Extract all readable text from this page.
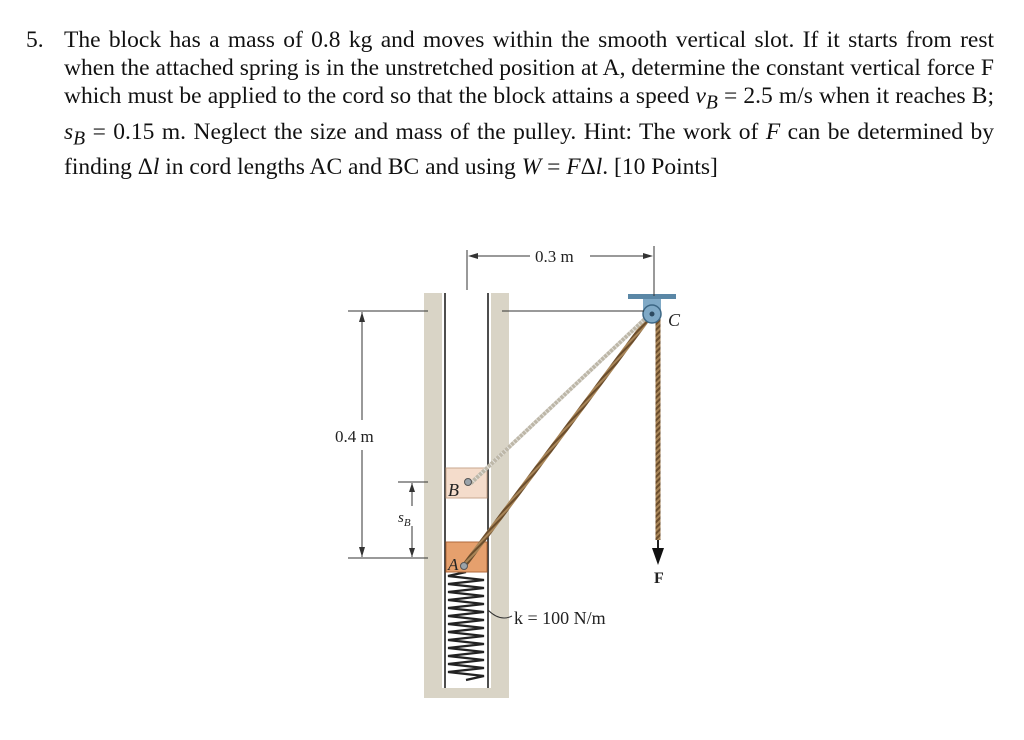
5. The block has a mass of 0.8 kg and moves within the smooth vertical slot. If it starts from rest when the attached spring is in the unstretched position at A, determine the constant vertical force F which must be applied to the cord so that the block attains a speed $v_B = 2.5$ m/s when it reaches B; $s_B = 0.15$ m. Neglect the size and mass of the pulley. Hint: The work of F can be determined by finding Δl in cord lengths AC and BC and using W = FΔl. [10 Points]
B
A
C
F
0.3 m
0.4 m
$s_B$
k = 100 N/m
